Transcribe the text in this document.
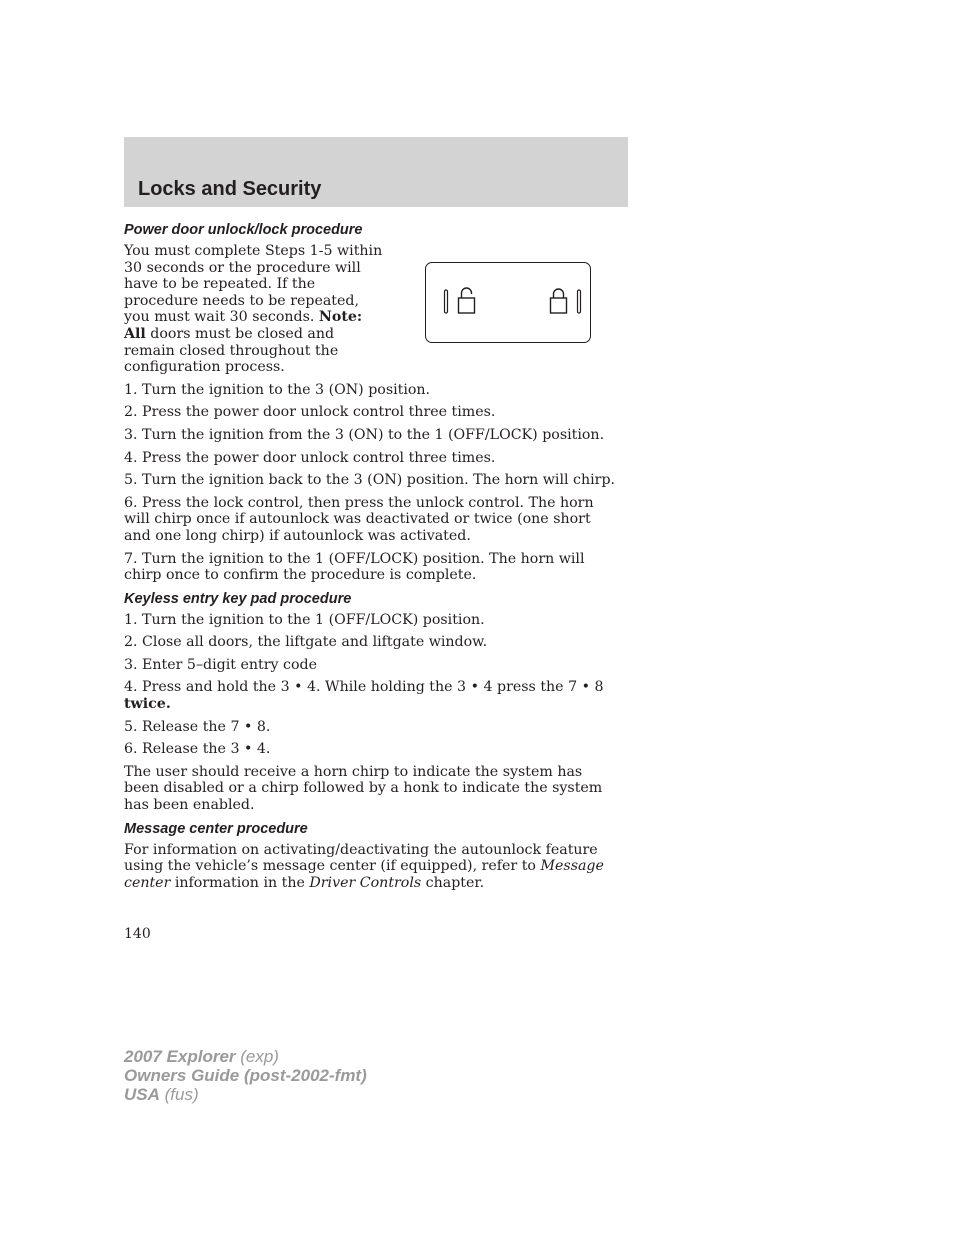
Locks and Security
Power door unlock/lock procedure

You must complete Steps 1-5 within 30 seconds or the procedure will have to be repeated. If the procedure needs to be repeated, you must wait 30 seconds. Note: All doors must be closed and remain closed throughout the configuration process.

1. Turn the ignition to the 3 (ON) position.

2. Press the power door unlock control three times.

3. Turn the ignition from the 3 (ON) to the 1 (OFF/LOCK) position.

4. Press the power door unlock control three times.

5. Turn the ignition back to the 3 (ON) position. The horn will chirp.

6. Press the lock control, then press the unlock control. The horn will chirp once if autounlock was deactivated or twice (one short and one long chirp) if autounlock was activated.

7. Turn the ignition to the 1 (OFF/LOCK) position. The horn will chirp once to confirm the procedure is complete.

Keyless entry key pad procedure

1. Turn the ignition to the 1 (OFF/LOCK) position.

2. Close all doors, the liftgate and liftgate window.

3. Enter 5–digit entry code

4. Press and hold the 3 • 4. While holding the 3 • 4 press the 7 • 8 twice.

5. Release the 7 • 8.

6. Release the 3 • 4.

The user should receive a horn chirp to indicate the system has been disabled or a chirp followed by a honk to indicate the system has been enabled.

Message center procedure

For information on activating/deactivating the autounlock feature using the vehicle’s message center (if equipped), refer to Message center information in the Driver Controls chapter.

140

2007 Explorer (exp)
Owners Guide (post-2002-fmt)
USA (fus)
